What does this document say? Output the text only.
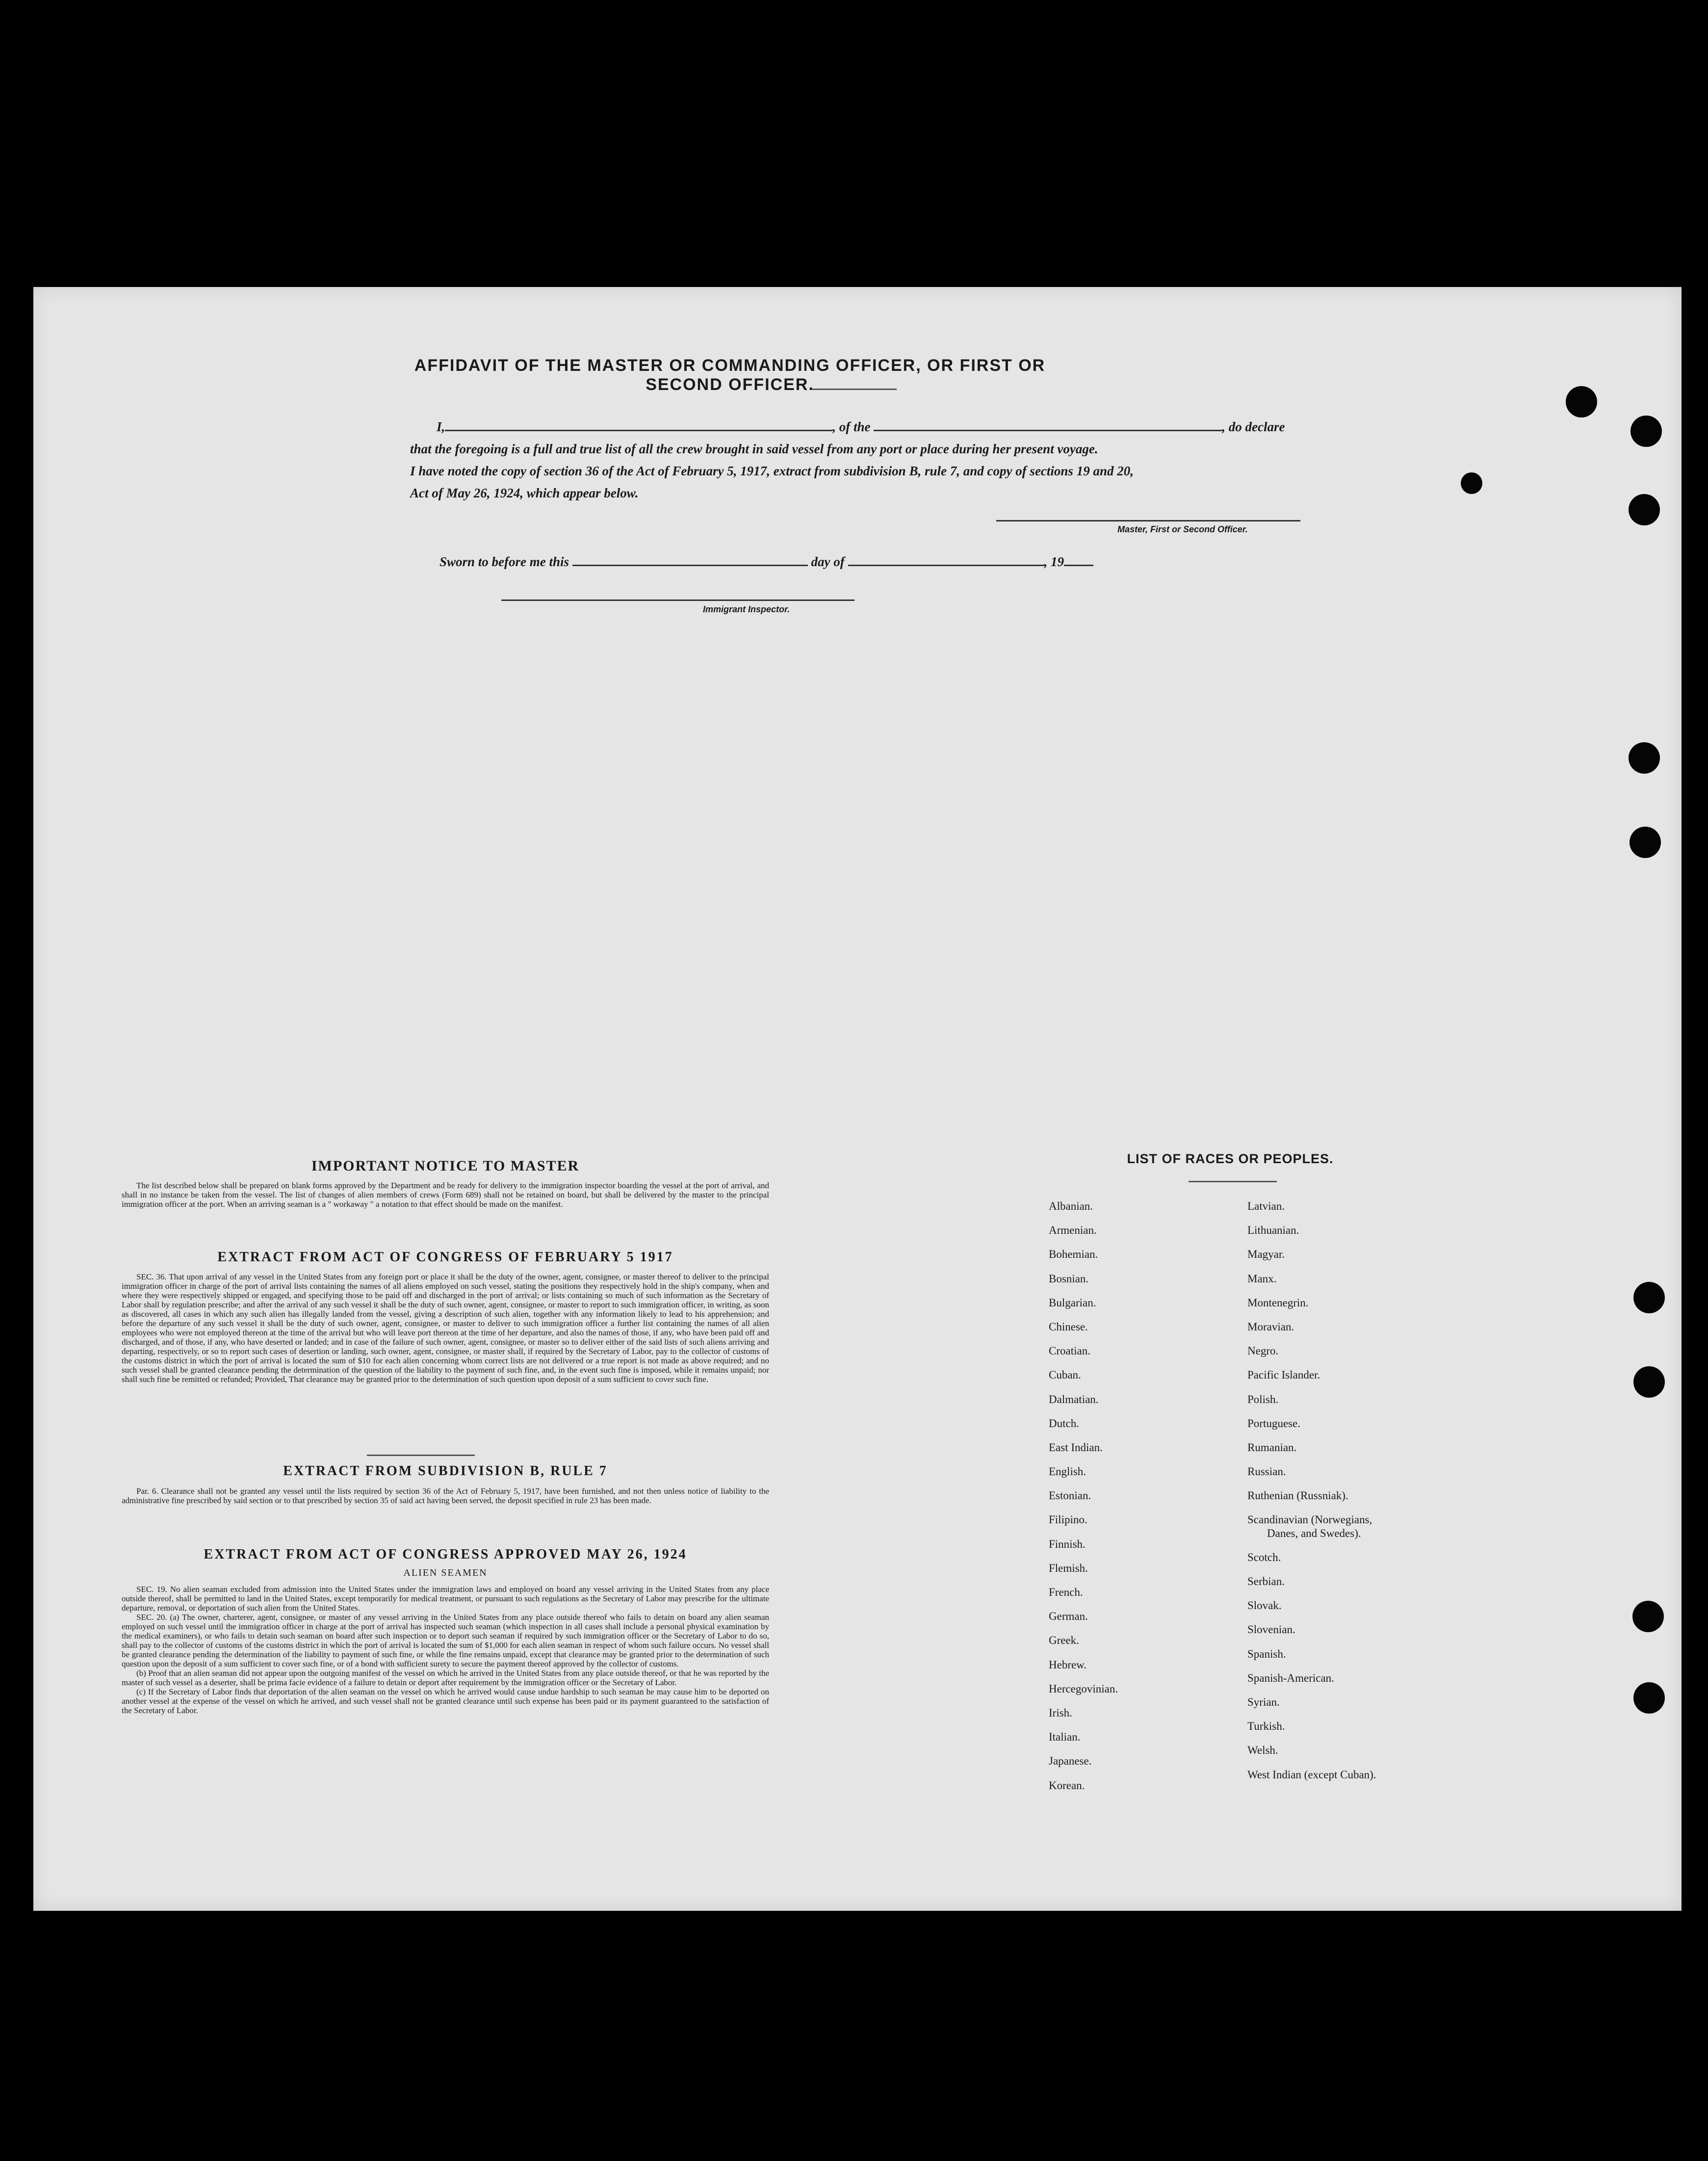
AFFIDAVIT OF THE MASTER OR COMMANDING OFFICER, OR FIRST OR SECOND OFFICER.
I,	, of the	, do declare
that the foregoing is a full and true list of all the crew brought in said vessel from any port or place during her present voyage.
I have noted the copy of section 36 of the Act of February 5, 1917, extract from subdivision B, rule 7, and copy of sections 19 and 20,
Act of May 26, 1924, which appear below.
Master, First or Second Officer.
Sworn to before me this	day of	, 19
Immigrant Inspector.
IMPORTANT NOTICE TO MASTER

The list described below shall be prepared on blank forms approved by the Department and be ready for delivery to the immigration inspector boarding the vessel at the port of arrival, and shall in no instance be taken from the vessel. The list of changes of alien members of crews (Form 689) shall not be retained on board, but shall be delivered by the master to the principal immigration officer at the port. When an arriving seaman is a " workaway " a notation to that effect should be made on the manifest.

EXTRACT FROM ACT OF CONGRESS OF FEBRUARY 5 1917

SEC. 36. That upon arrival of any vessel in the United States from any foreign port or place it shall be the duty of the owner, agent, consignee, or master thereof to deliver to the principal immigration officer in charge of the port of arrival lists containing the names of all aliens employed on such vessel, stating the positions they respectively hold in the ship's company, when and where they were respectively shipped or engaged, and specifying those to be paid off and discharged in the port of arrival; or lists containing so much of such information as the Secretary of Labor shall by regulation prescribe; and after the arrival of any such vessel it shall be the duty of such owner, agent, consignee, or master to report to such immigration officer, in writing, as soon as discovered, all cases in which any such alien has illegally landed from the vessel, giving a description of such alien, together with any information likely to lead to his apprehension; and before the departure of any such vessel it shall be the duty of such owner, agent, consignee, or master to deliver to such immigration officer a further list containing the names of all alien employees who were not employed thereon at the time of the arrival but who will leave port thereon at the time of her departure, and also the names of those, if any, who have been paid off and discharged, and of those, if any, who have deserted or landed; and in case of the failure of such owner, agent, consignee, or master so to deliver either of the said lists of such aliens arriving and departing, respectively, or so to report such cases of desertion or landing, such owner, agent, consignee, or master shall, if required by the Secretary of Labor, pay to the collector of customs of the customs district in which the port of arrival is located the sum of $10 for each alien concerning whom correct lists are not delivered or a true report is not made as above required; and no such vessel shall be granted clearance pending the determination of the question of the liability to the payment of such fine, and, in the event such fine is imposed, while it remains unpaid; nor shall such fine be remitted or refunded; Provided, That clearance may be granted prior to the determination of such question upon deposit of a sum sufficient to cover such fine.

EXTRACT FROM SUBDIVISION B, RULE 7

Par. 6. Clearance shall not be granted any vessel until the lists required by section 36 of the Act of February 5, 1917, have been furnished, and not then unless notice of liability to the administrative fine prescribed by said section or to that prescribed by section 35 of said act having been served, the deposit specified in rule 23 has been made.

EXTRACT FROM ACT OF CONGRESS APPROVED MAY 26, 1924
ALIEN SEAMEN

SEC. 19. No alien seaman excluded from admission into the United States under the immigration laws and employed on board any vessel arriving in the United States from any place outside thereof, shall be permitted to land in the United States, except temporarily for medical treatment, or pursuant to such regulations as the Secretary of Labor may prescribe for the ultimate departure, removal, or deportation of such alien from the United States.

SEC. 20. (a) The owner, charterer, agent, consignee, or master of any vessel arriving in the United States from any place outside thereof who fails to detain on board any alien seaman employed on such vessel until the immigration officer in charge at the port of arrival has inspected such seaman (which inspection in all cases shall include a personal physical examination by the medical examiners), or who fails to detain such seaman on board after such inspection or to deport such seaman if required by such immigration officer or the Secretary of Labor to do so, shall pay to the collector of customs of the customs district in which the port of arrival is located the sum of $1,000 for each alien seaman in respect of whom such failure occurs. No vessel shall be granted clearance pending the determination of the liability to payment of such fine, or while the fine remains unpaid, except that clearance may be granted prior to the determination of such question upon the deposit of a sum sufficient to cover such fine, or of a bond with sufficient surety to secure the payment thereof approved by the collector of customs.

(b) Proof that an alien seaman did not appear upon the outgoing manifest of the vessel on which he arrived in the United States from any place outside thereof, or that he was reported by the master of such vessel as a deserter, shall be prima facie evidence of a failure to detain or deport after requirement by the immigration officer or the Secretary of Labor.

(c) If the Secretary of Labor finds that deportation of the alien seaman on the vessel on which he arrived would cause undue hardship to such seaman he may cause him to be deported on another vessel at the expense of the vessel on which he arrived, and such vessel shall not be granted clearance until such expense has been paid or its payment guaranteed to the satisfaction of the Secretary of Labor.

LIST OF RACES OR PEOPLES.
Albanian.
Armenian.
Bohemian.
Bosnian.
Bulgarian.
Chinese.
Croatian.
Cuban.
Dalmatian.
Dutch.
East Indian.
English.
Estonian.
Filipino.
Finnish.
Flemish.
French.
German.
Greek.
Hebrew.
Hercegovinian.
Irish.
Italian.
Japanese.
Korean.
Latvian.
Lithuanian.
Magyar.
Manx.
Montenegrin.
Moravian.
Negro.
Pacific Islander.
Polish.
Portuguese.
Rumanian.
Russian.
Ruthenian (Russniak).
Scandinavian (Norwegians,
Danes, and Swedes).
Scotch.
Serbian.
Slovak.
Slovenian.
Spanish.
Spanish-American.
Syrian.
Turkish.
Welsh.
West Indian (except Cuban).
